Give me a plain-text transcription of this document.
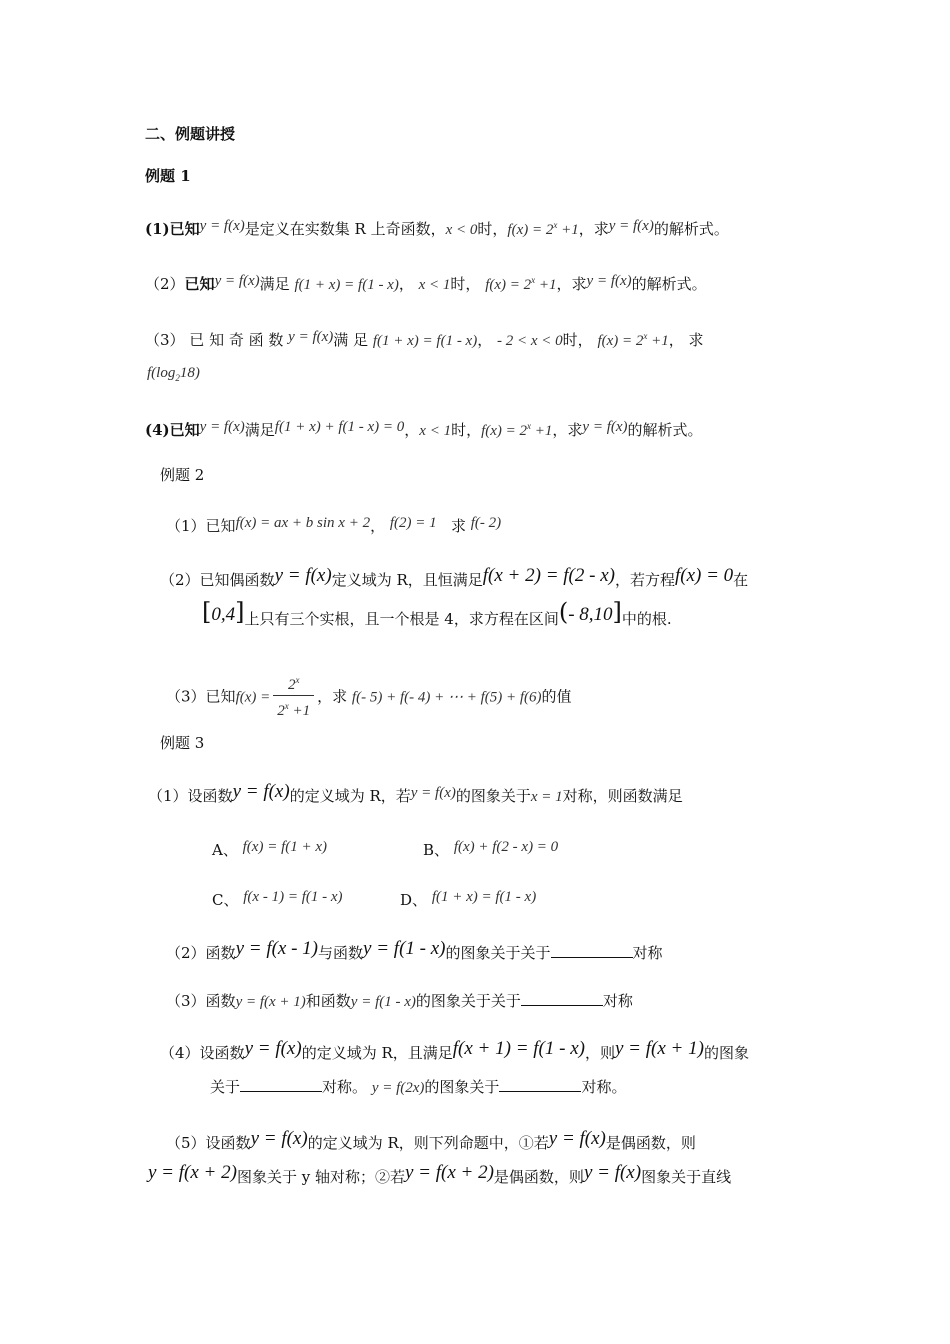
二、例题讲授
例题 1
(1)已知y = f(x)是定义在实数集 R 上奇函数，x < 0时，$f(x) = 2^x +1$，求y = f(x)的解析式。
（2）已知y = f(x)满足 f(1 + x) = f(1 - x)， x < 1时， $f(x) = 2^x +1$，求y = f(x)的解析式。
（3） 已 知 奇 函 数 y = f(x)满 足 f(1 + x) = f(1 - x)， - 2 < x < 0时， $f(x) = 2^x +1$， 求
$f(\log_218)$
(4)已知y = f(x)满足f(1 + x) + f(1 - x) = 0，x < 1时，$f(x) = 2^x +1$，求y = f(x)的解析式。
例题 2
（1）已知f(x) = ax + b sin x + 2， f(2) = 1 求 f(- 2)
（2）已知偶函数y = f(x)定义域为 R，且恒满足f(x + 2) = f(2 - x)，若方程f(x) = 0在
[0,4]上只有三个实根，且一个根是 4，求方程在区间(- 8,10]中的根.
（3）已知$f(x) = \frac{2^x}{2^x +1}$ ，求 f(- 5) + f(- 4) + ⋯ + f(5) + f(6)的值
例题 3
（1）设函数y = f(x)的定义域为 R，若y = f(x)的图象关于x = 1对称，则函数满足
A、 f(x) = f(1 + x)	B、 f(x) + f(2 - x) = 0
C、 f(x - 1) = f(1 - x)	D、 f(1 + x) = f(1 - x)
（2）函数y = f(x - 1)与函数y = f(1 - x)的图象关于关于	对称
（3）函数y = f(x + 1)和函数y = f(1 - x)的图象关于关于	对称
（4）设函数y = f(x)的定义域为 R，且满足f(x + 1) = f(1 - x)，则y = f(x + 1)的图象
关于	对称。 y = f(2x)的图象关于	对称。
（5）设函数y = f(x)的定义域为 R，则下列命题中，①若y = f(x)是偶函数，则
y = f(x + 2)图象关于 y 轴对称；②若y = f(x + 2)是偶函数，则y = f(x)图象关于直线
